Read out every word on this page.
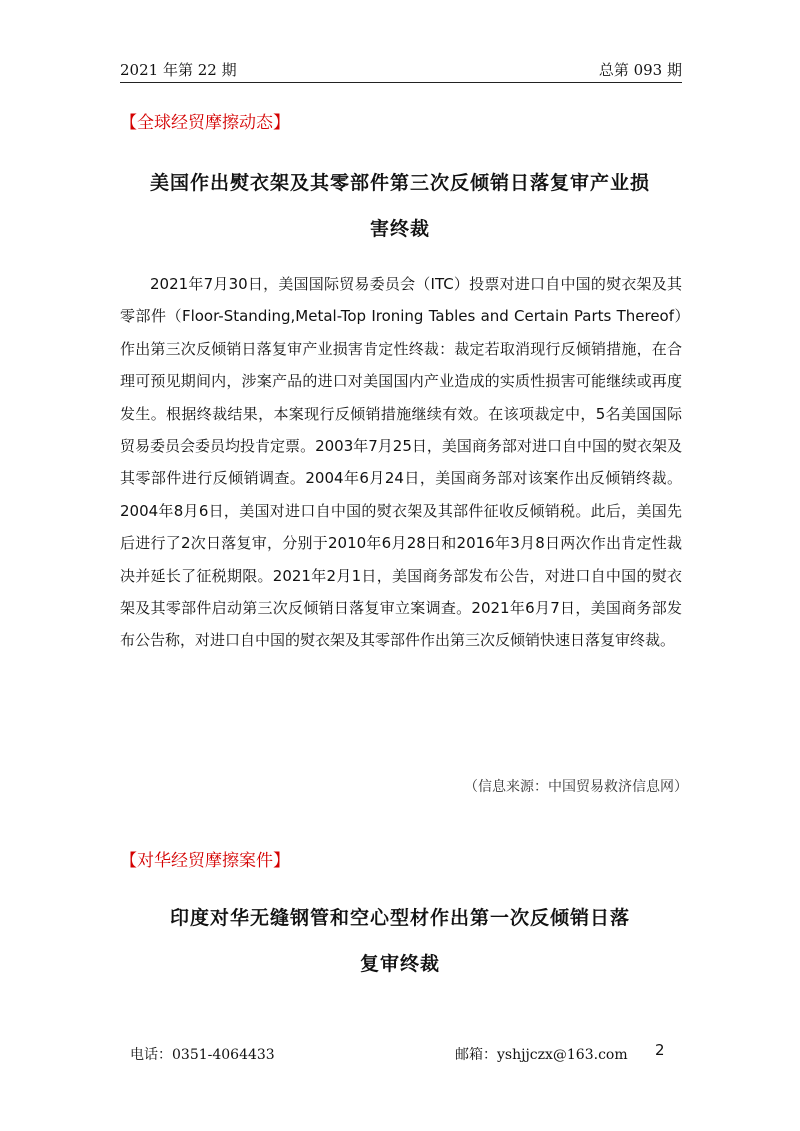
2021 年第 22 期	总第 093 期
【全球经贸摩擦动态】
美国作出熨衣架及其零部件第三次反倾销日落复审产业损
害终裁

2021年7月30日，美国国际贸易委员会（ITC）投票对进口自中国的熨衣架及其零部件（Floor-Standing,Metal-Top Ironing Tables and Certain Parts Thereof）作出第三次反倾销日落复审产业损害肯定性终裁：裁定若取消现行反倾销措施，在合理可预见期间内，涉案产品的进口对美国国内产业造成的实质性损害可能继续或再度发生。根据终裁结果，本案现行反倾销措施继续有效。在该项裁定中，5名美国国际贸易委员会委员均投肯定票。2003年7月25日，美国商务部对进口自中国的熨衣架及其零部件进行反倾销调查。2004年6月24日，美国商务部对该案作出反倾销终裁。2004年8月6日，美国对进口自中国的熨衣架及其部件征收反倾销税。此后，美国先后进行了2次日落复审，分别于2010年6月28日和2016年3月8日两次作出肯定性裁决并延长了征税期限。2021年2月1日，美国商务部发布公告，对进口自中国的熨衣架及其零部件启动第三次反倾销日落复审立案调查。2021年6月7日，美国商务部发布公告称，对进口自中国的熨衣架及其零部件作出第三次反倾销快速日落复审终裁。

（信息来源：中国贸易救济信息网）
【对华经贸摩擦案件】
印度对华无缝钢管和空心型材作出第一次反倾销日落
复审终裁
电话：0351-4064433	邮箱：yshjjczx@163.com 2
